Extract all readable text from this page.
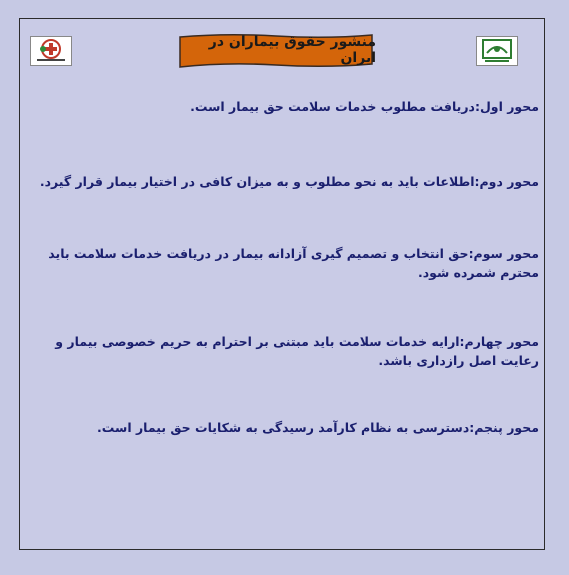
منشور حقوق بیماران در ایران
محور اول:دریافت مطلوب خدمات سلامت حق بیمار است.
محور دوم:اطلاعات باید به نحو مطلوب و به میزان کافی در اختیار بیمار قرار گیرد.
محور سوم:حق انتخاب و تصمیم گیری آزادانه بیمار در دریافت خدمات سلامت باید محترم شمرده شود.
محور چهارم:ارایه خدمات سلامت باید مبتنی بر احترام به حریم خصوصی بیمار و رعایت اصل رازداری باشد.
محور پنجم:دسترسی به نظام کارآمد رسیدگی به شکایات حق بیمار است.
